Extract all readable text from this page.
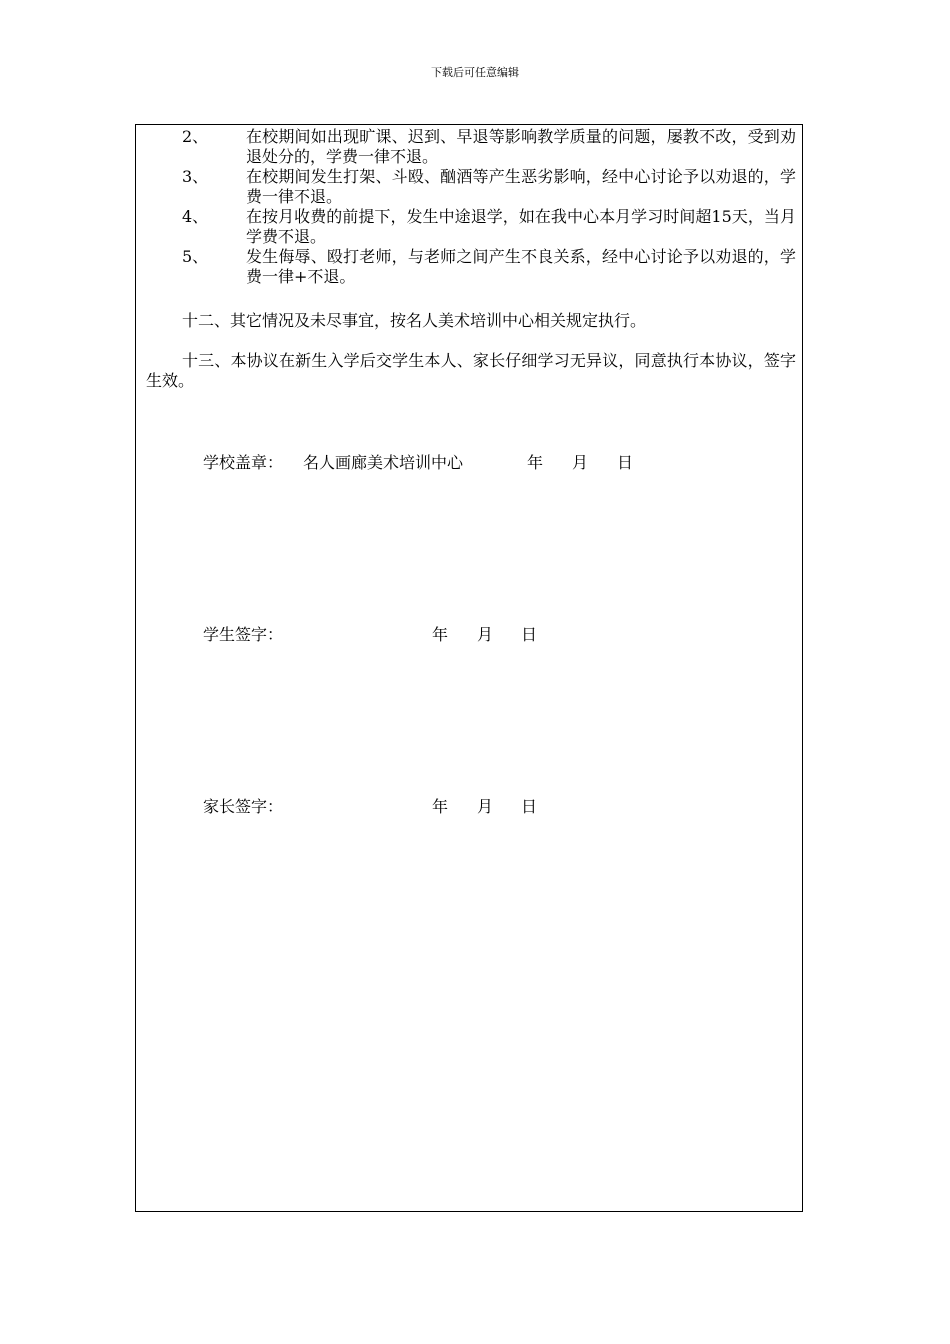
下载后可任意编辑
2、 在校期间如出现旷课、迟到、早退等影响教学质量的问题，屡教不改，受到劝退处分的，学费一律不退。
3、 在校期间发生打架、斗殴、酗酒等产生恶劣影响，经中心讨论予以劝退的，学费一律不退。
4、 在按月收费的前提下，发生中途退学，如在我中心本月学习时间超15天，当月学费不退。
5、 发生侮辱、殴打老师，与老师之间产生不良关系，经中心讨论予以劝退的，学费一律+不退。
十二、其它情况及未尽事宜，按名人美术培训中心相关规定执行。
十三、本协议在新生入学后交学生本人、家长仔细学习无异议，同意执行本协议，签字生效。
学校盖章： 名人画廊美术培训中心	年 月 日
学生签字：	年 月 日
家长签字：	年 月 日
